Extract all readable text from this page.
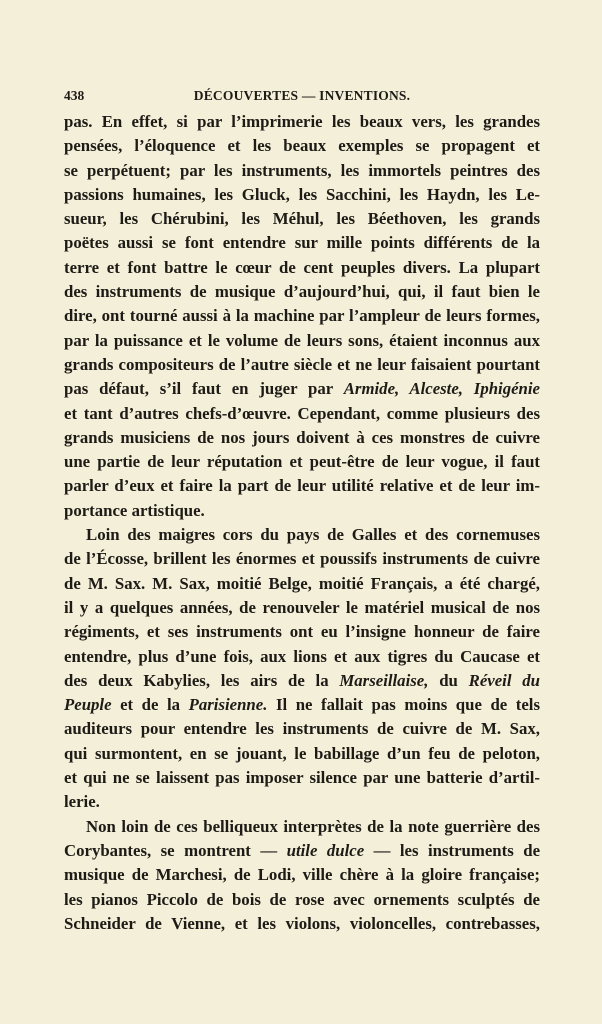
438	DÉCOUVERTES — INVENTIONS.
pas. En effet, si par l’imprimerie les beaux vers, les grandes
pensées, l’éloquence et les beaux exemples se propagent et
se perpétuent; par les instruments, les immortels peintres des
passions humaines, les Gluck, les Sacchini, les Haydn, les Le-
sueur, les Chérubini, les Méhul, les Béethoven, les grands
poëtes aussi se font entendre sur mille points différents de la
terre et font battre le cœur de cent peuples divers. La plupart
des instruments de musique d’aujourd’hui, qui, il faut bien le
dire, ont tourné aussi à la machine par l’ampleur de leurs formes,
par la puissance et le volume de leurs sons, étaient inconnus aux
grands compositeurs de l’autre siècle et ne leur faisaient pourtant
pas défaut, s’il faut en juger par Armide, Alceste, Iphigénie
et tant d’autres chefs-d’œuvre. Cependant, comme plusieurs des
grands musiciens de nos jours doivent à ces monstres de cuivre
une partie de leur réputation et peut-être de leur vogue, il faut
parler d’eux et faire la part de leur utilité relative et de leur im-
portance artistique.
Loin des maigres cors du pays de Galles et des cornemuses
de l’Écosse, brillent les énormes et poussifs instruments de cuivre
de M. Sax. M. Sax, moitié Belge, moitié Français, a été chargé,
il y a quelques années, de renouveler le matériel musical de nos
régiments, et ses instruments ont eu l’insigne honneur de faire
entendre, plus d’une fois, aux lions et aux tigres du Caucase et
des deux Kabylies, les airs de la Marseillaise, du Réveil du
Peuple et de la Parisienne. Il ne fallait pas moins que de tels
auditeurs pour entendre les instruments de cuivre de M. Sax,
qui surmontent, en se jouant, le babillage d’un feu de peloton,
et qui ne se laissent pas imposer silence par une batterie d’artil-
lerie.
Non loin de ces belliqueux interprètes de la note guerrière des
Corybantes, se montrent — utile dulce — les instruments de
musique de Marchesi, de Lodi, ville chère à la gloire française;
les pianos Piccolo de bois de rose avec ornements sculptés de
Schneider de Vienne, et les violons, violoncelles, contrebasses,
